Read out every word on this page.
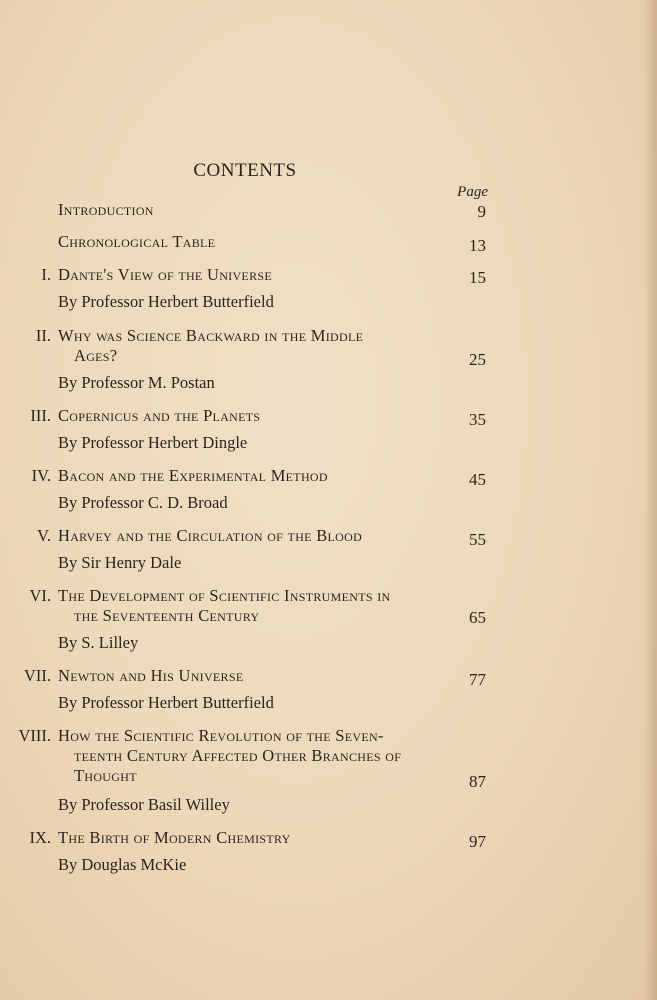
CONTENTS
Page
Introduction	9
Chronological Table	13
I. Dante's View of the Universe	15
By Professor Herbert Butterfield
II. Why was Science Backward in the Middle
Ages?	25
By Professor M. Postan
III. Copernicus and the Planets	35
By Professor Herbert Dingle
IV. Bacon and the Experimental Method	45
By Professor C. D. Broad
V. Harvey and the Circulation of the Blood	55
By Sir Henry Dale
VI. The Development of Scientific Instruments in
the Seventeenth Century	65
By S. Lilley
VII. Newton and His Universe	77
By Professor Herbert Butterfield
VIII. How the Scientific Revolution of the Seven-
teenth Century Affected Other Branches of
Thought	87
By Professor Basil Willey
IX. The Birth of Modern Chemistry	97
By Douglas McKie
